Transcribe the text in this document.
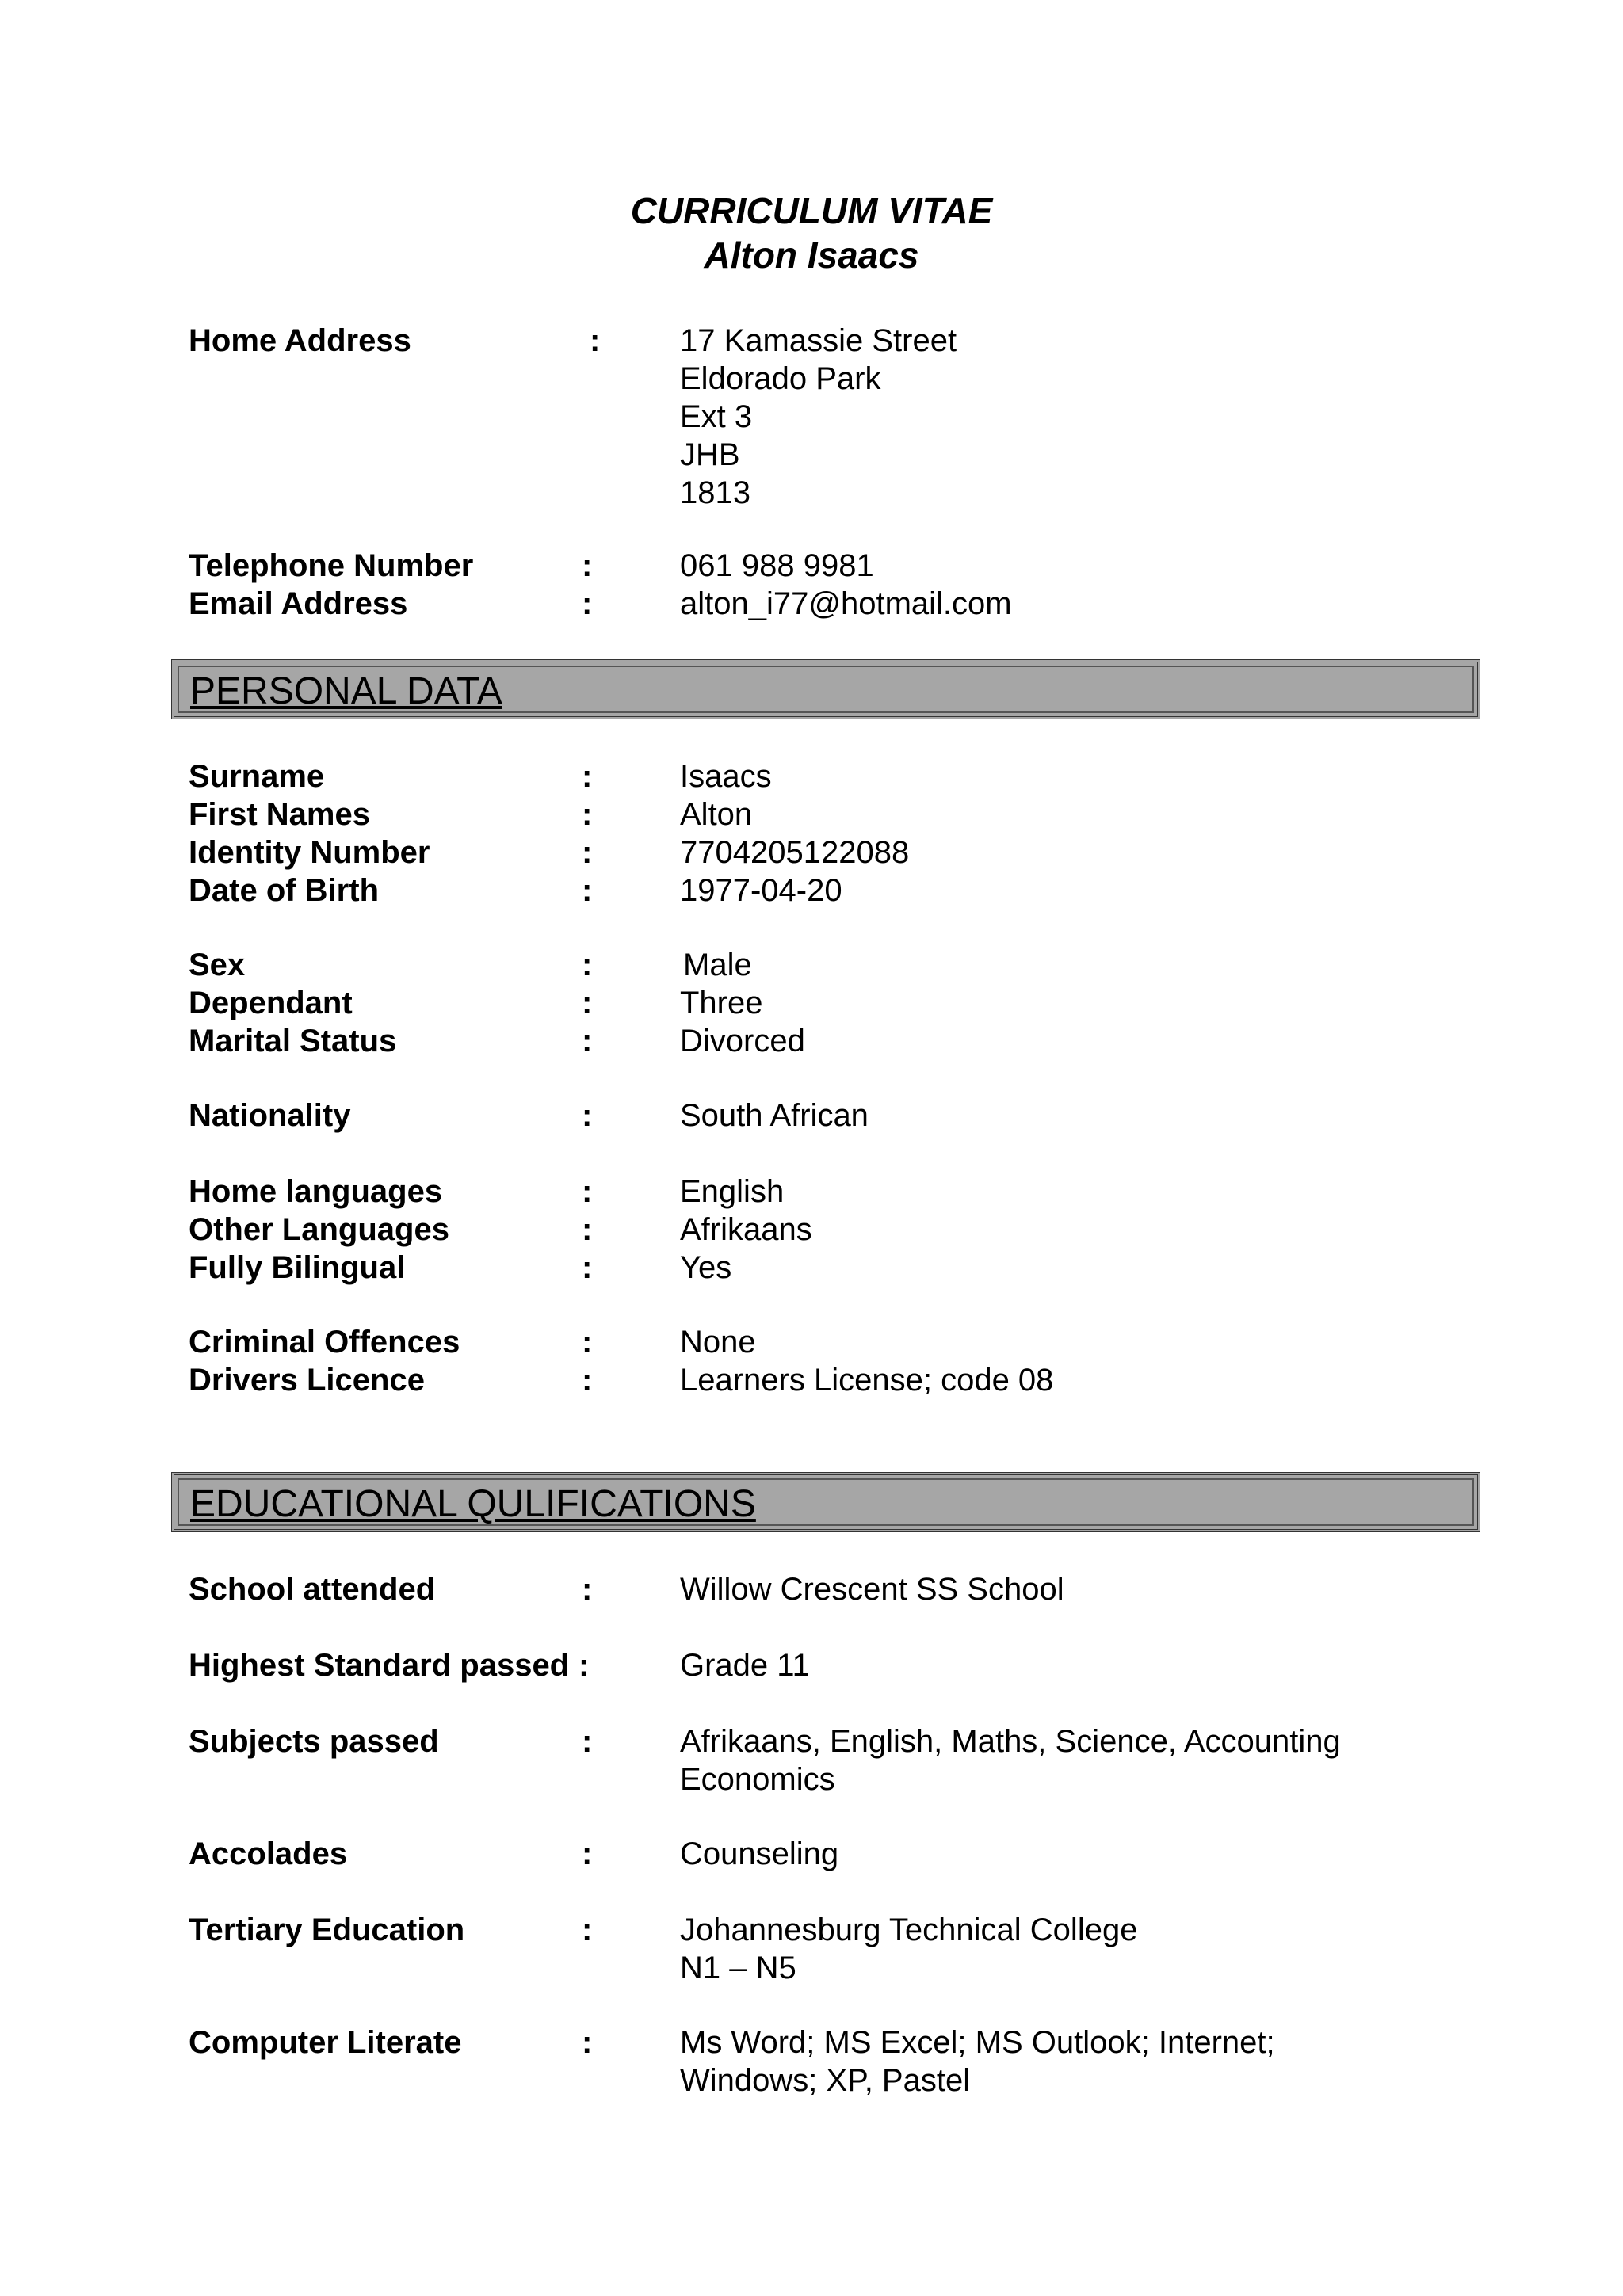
CURRICULUM VITAE
Alton Isaacs
Home Address	:	17 Kamassie Street
Eldorado Park
Ext 3
JHB
1813
Telephone Number	:	061 988 9981
Email Address	:	alton_i77@hotmail.com
PERSONAL DATA
Surname	:	Isaacs
First Names	:	Alton
Identity Number	:	7704205122088
Date of Birth	:	1977-04-20
Sex	:	Male
Dependant	:	Three
Marital Status	:	Divorced
Nationality	:	South African
Home languages	:	English
Other Languages	:	Afrikaans
Fully Bilingual	:	Yes
Criminal Offences	:	None
Drivers Licence	:	Learners License; code 08
EDUCATIONAL QULIFICATIONS
School attended	:	Willow Crescent SS School
Highest Standard passed :	Grade 11
Subjects passed	:	Afrikaans, English, Maths, Science, Accounting
Economics
Accolades	:	Counseling
Tertiary Education	:	Johannesburg Technical College
N1 – N5
Computer Literate	:	Ms Word; MS Excel; MS Outlook; Internet;
Windows; XP, Pastel
